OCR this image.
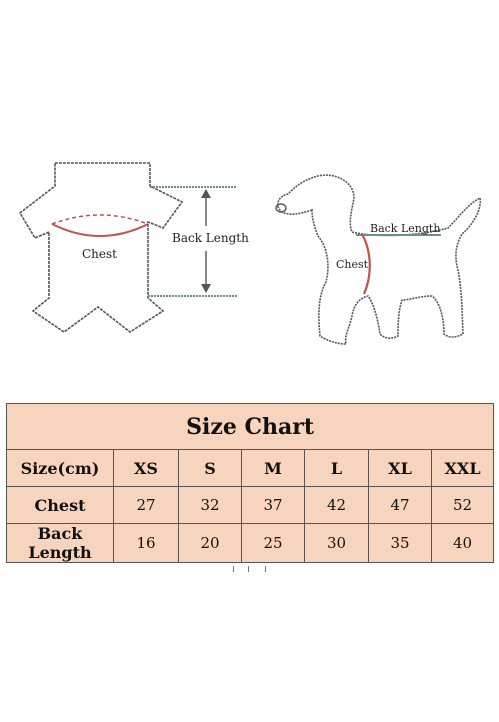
Chest
Back Length
Back Length
Chest
Size Chart						
Size(cm)	XS	S	M	L	XL	XXL
Chest	27	32	37	42	47	52
Back Length	16	20	25	30	35	40
